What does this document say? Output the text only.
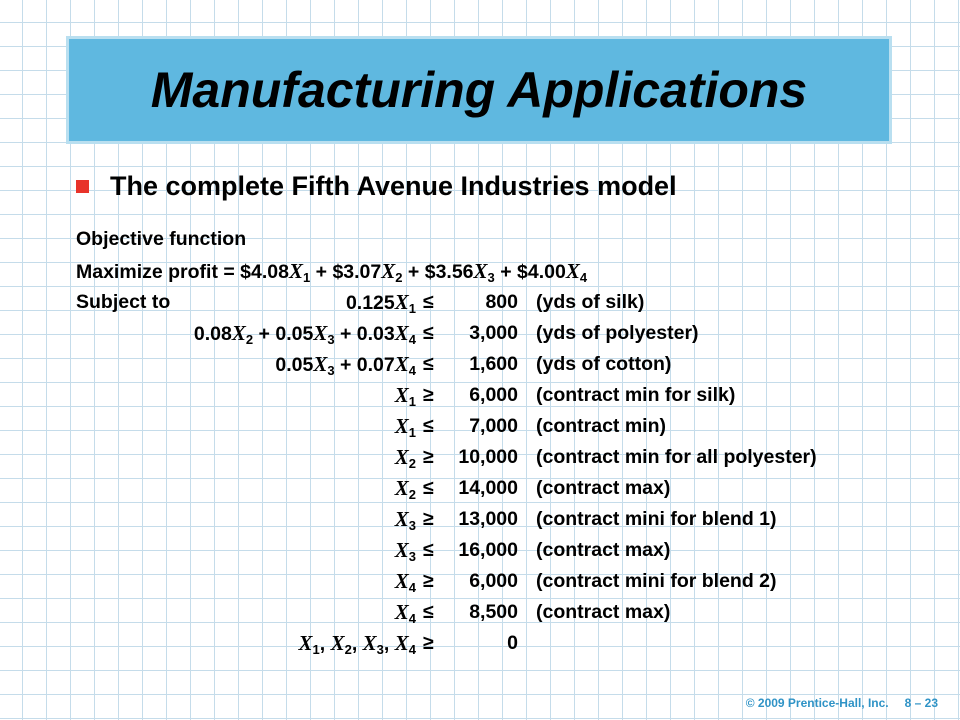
Manufacturing Applications
The complete Fifth Avenue Industries model
Objective function
Maximize profit = $\$4.08X_1$ + $\$3.07X_2$ + $\$3.56X_3$ + $\$4.00X_4$
Subject to	$0.125X_1$ ≤	800 (yds of silk)
$0.08X_2 + 0.05X_3 + 0.03X_4$ ≤	3,000 (yds of polyester)
$0.05X_3 + 0.07X_4$ ≤	1,600 (yds of cotton)
$X_1$ ≥	6,000 (contract min for silk)
$X_1$ ≤	7,000 (contract min)
$X_2$ ≥	10,000 (contract min for all polyester)
$X_2$ ≤	14,000 (contract max)
$X_3$ ≥	13,000 (contract mini for blend 1)
$X_3$ ≤	16,000 (contract max)
$X_4$ ≥	6,000 (contract mini for blend 2)
$X_4$ ≤	8,500 (contract max)
$X_1$, $X_2$, $X_3$, $X_4$ ≥	0
© 2009 Prentice-Hall, Inc. 8 – 23
